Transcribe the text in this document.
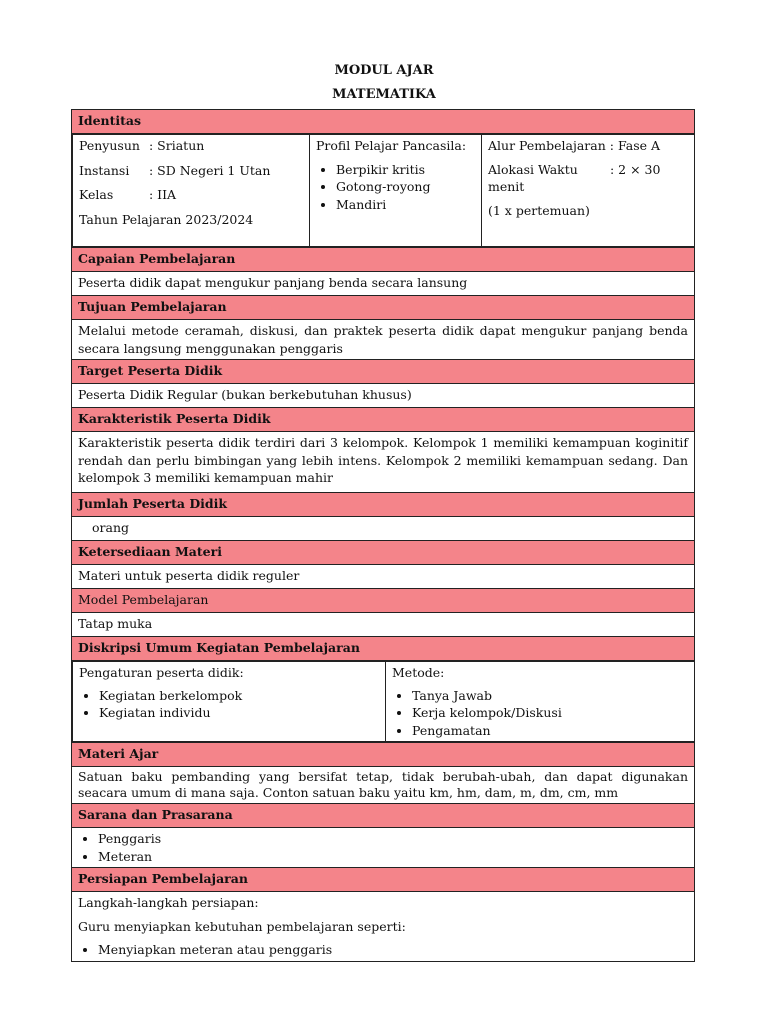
MODUL AJAR
MATEMATIKA
Identitas

Penyusun : Sriatun
Instansi	: SD Negeri 1 Utan
Kelas	: IIA
Tahun Pelajaran 2023/2024

Profil Pelajar Pancasila:
• Berpikir kritis
• Gotong-royong
• Mandiri

Alur Pembelajaran : Fase A
Alokasi Waktu	: 2 × 30
menit
(1 x pertemuan)

Capaian Pembelajaran
Peserta didik dapat mengukur panjang benda secara lansung
Tujuan Pembelajaran
Melalui metode ceramah, diskusi, dan praktek peserta didik dapat mengukur panjang benda secara langsung menggunakan penggaris
Target Peserta Didik
Peserta Didik Regular (bukan berkebutuhan khusus)
Karakteristik Peserta Didik
Karakteristik peserta didik terdiri dari 3 kelompok. Kelompok 1 memiliki kemampuan koginitif rendah dan perlu bimbingan yang lebih intens. Kelompok 2 memiliki kemampuan sedang. Dan kelompok 3 memiliki kemampuan mahir
Jumlah Peserta Didik
orang
Ketersediaan Materi
Materi untuk peserta didik reguler
Model Pembelajaran
Tatap muka
Diskripsi Umum Kegiatan Pembelajaran

Pengaturan peserta didik:
• Kegiatan berkelompok
• Kegiatan individu

Metode:
• Tanya Jawab
• Kerja kelompok/Diskusi
• Pengamatan

Materi Ajar
Satuan baku pembanding yang bersifat tetap, tidak berubah-ubah, dan dapat digunakan seacara umum di mana saja. Conton satuan baku yaitu km, hm, dam, m, dm, cm, mm
Sarana dan Prasarana

• Penggaris
• Meteran

Persiapan Pembelajaran

Langkah-langkah persiapan:
Guru menyiapkan kebutuhan pembelajaran seperti:
• Menyiapkan meteran atau penggaris
